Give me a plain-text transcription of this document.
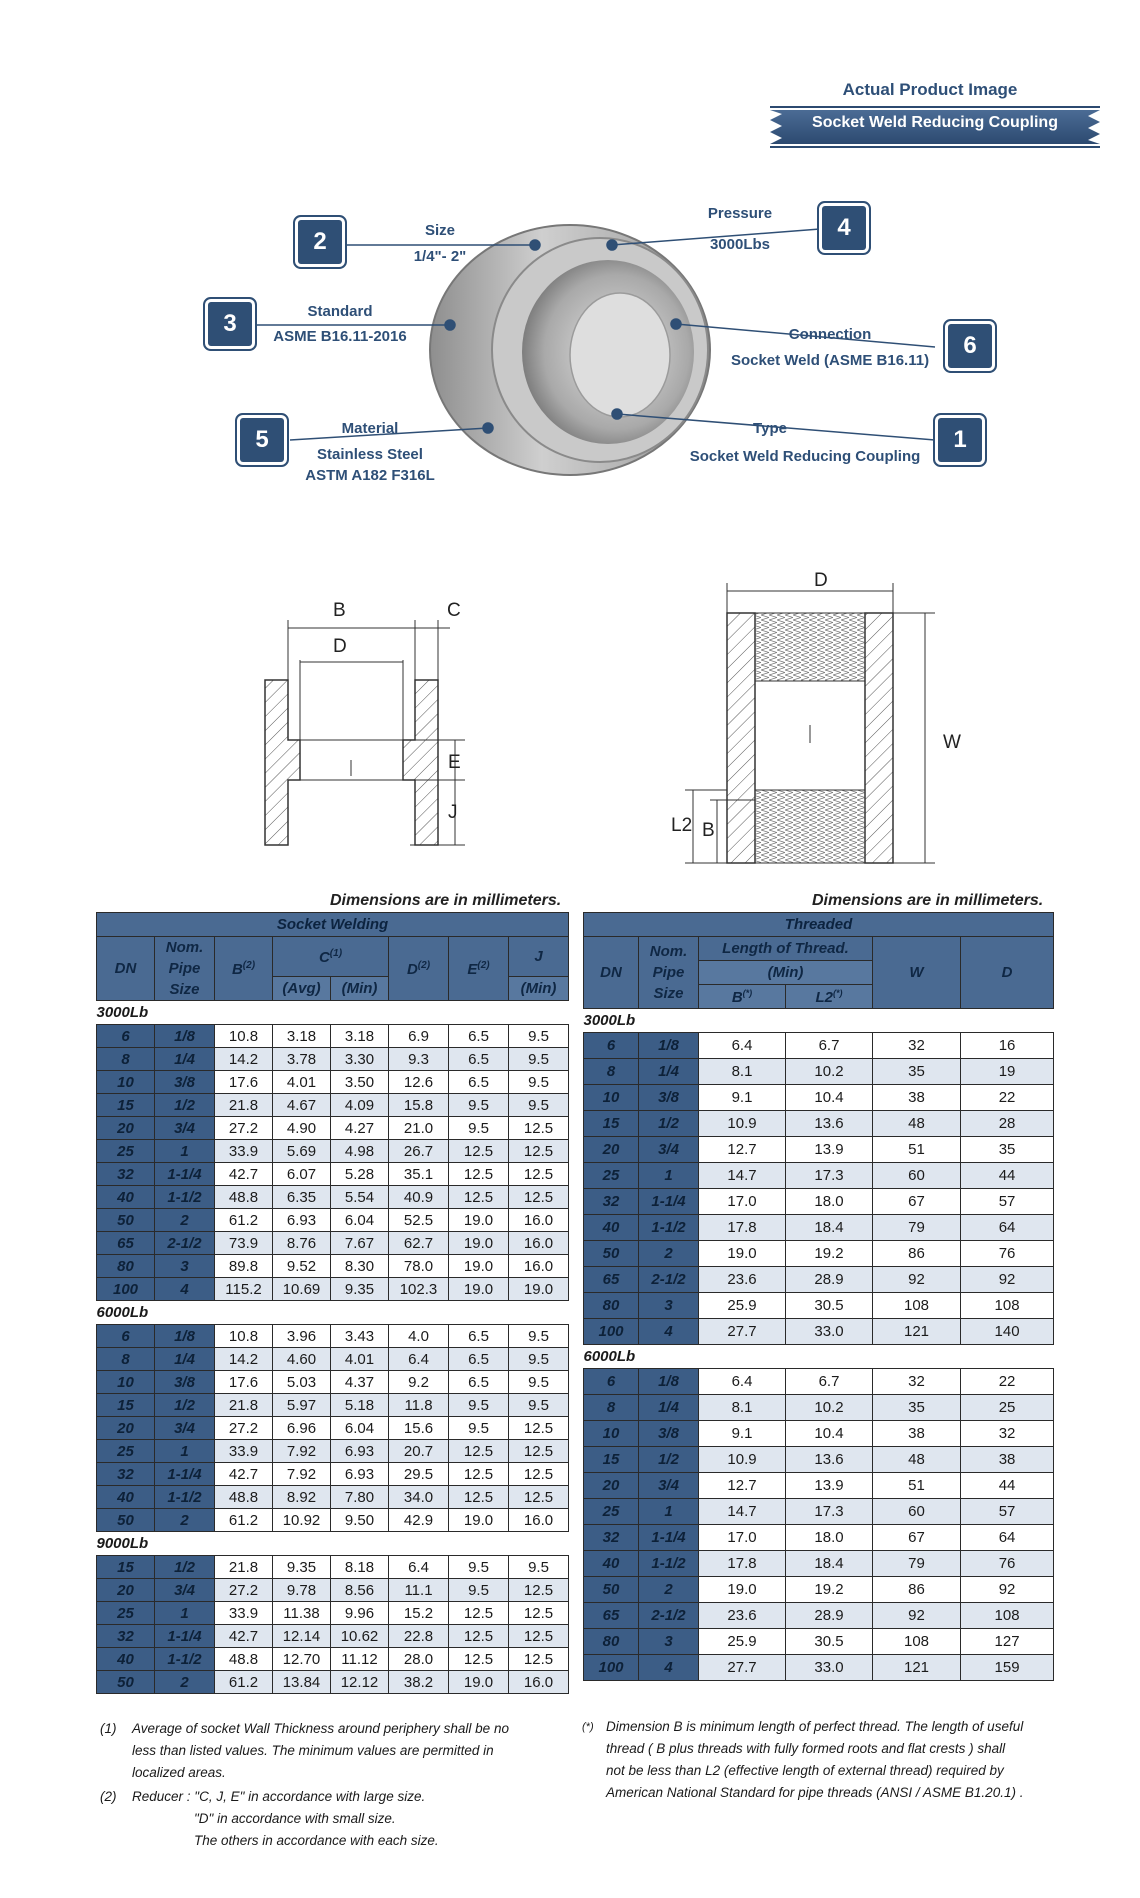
Actual Product Image
Socket Weld Reducing Coupling
2	Size
1/4"- 2"
3	Standard
ASME B16.11-2016
5	Material
Stainless Steel
ASTM A182 F316L
4
Pressure
3000Lbs
6
Connection
Socket Weld (ASME B16.11)
1
Type
Socket Weld Reducing Coupling
B	C
D
E
J
D
W
L2 B
Dimensions are in millimeters.	Dimensions are in millimeters.
Socket Welding							
DN	Nom. Pipe Size	$B^{(2)}$	$C^{(1)}$		$D^{(2)}$	$E^{(2)}$	J

			(Avg)	(Min)			(Min)
3000Lb							
6	1/8	10.8	3.18	3.18	6.9	6.5	9.5
8	1/4	14.2	3.78	3.30	9.3	6.5	9.5
10	3/8	17.6	4.01	3.50	12.6	6.5	9.5
15	1/2	21.8	4.67	4.09	15.8	9.5	9.5
20	3/4	27.2	4.90	4.27	21.0	9.5	12.5
25	1	33.9	5.69	4.98	26.7	12.5	12.5
32	1-1/4	42.7	6.07	5.28	35.1	12.5	12.5
40	1-1/2	48.8	6.35	5.54	40.9	12.5	12.5
50	2	61.2	6.93	6.04	52.5	19.0	16.0
65	2-1/2	73.9	8.76	7.67	62.7	19.0	16.0
80	3	89.8	9.52	8.30	78.0	19.0	16.0
100	4	115.2	10.69	9.35	102.3	19.0	19.0
6000Lb							
6	1/8	10.8	3.96	3.43	4.0	6.5	9.5
8	1/4	14.2	4.60	4.01	6.4	6.5	9.5
10	3/8	17.6	5.03	4.37	9.2	6.5	9.5
15	1/2	21.8	5.97	5.18	11.8	9.5	9.5
20	3/4	27.2	6.96	6.04	15.6	9.5	12.5
25	1	33.9	7.92	6.93	20.7	12.5	12.5
32	1-1/4	42.7	7.92	6.93	29.5	12.5	12.5
40	1-1/2	48.8	8.92	7.80	34.0	12.5	12.5
50	2	61.2	10.92	9.50	42.9	19.0	16.0
9000Lb							
15	1/2	21.8	9.35	8.18	6.4	9.5	9.5
20	3/4	27.2	9.78	8.56	11.1	9.5	12.5
25	1	33.9	11.38	9.96	15.2	12.5	12.5
32	1-1/4	42.7	12.14	10.62	22.8	12.5	12.5
40	1-1/2	48.8	12.70	11.12	28.0	12.5	12.5
50	2	61.2	13.84	12.12	38.2	19.0	16.0
Threaded					
DN	Nom. Pipe Size	Length of Thread.		W	D
		(Min)			
		B(*)	L2(*)
3000Lb					
6	1/8	6.4	6.7	32	16
8	1/4	8.1	10.2	35	19
10	3/8	9.1	10.4	38	22
15	1/2	10.9	13.6	48	28
20	3/4	12.7	13.9	51	35
25	1	14.7	17.3	60	44
32	1-1/4	17.0	18.0	67	57
40	1-1/2	17.8	18.4	79	64
50	2	19.0	19.2	86	76
65	2-1/2	23.6	28.9	92	92
80	3	25.9	30.5	108	108
100	4	27.7	33.0	121	140
6000Lb					
6	1/8	6.4	6.7	32	22
8	1/4	8.1	10.2	35	25
10	3/8	9.1	10.4	38	32
15	1/2	10.9	13.6	48	38
20	3/4	12.7	13.9	51	44
25	1	14.7	17.3	60	57
32	1-1/4	17.0	18.0	67	64
40	1-1/2	17.8	18.4	79	76
50	2	19.0	19.2	86	92
65	2-1/2	23.6	28.9	92	108
80	3	25.9	30.5	108	127
100	4	27.7	33.0	121	159
(1)	Average of socket Wall Thickness around periphery shall be no
less than listed values. The minimum values are permitted in
localized areas.
(2)	Reducer : "C, J, E" in accordance with large size.
"D" in accordance with small size.
The others in accordance with each size.
(*) Dimension B is minimum length of perfect thread. The length of useful
thread ( B plus threads with fully formed roots and flat crests ) shall
not be less than L2 (effective length of external thread) required by
American National Standard for pipe threads (ANSI / ASME B1.20.1) .
